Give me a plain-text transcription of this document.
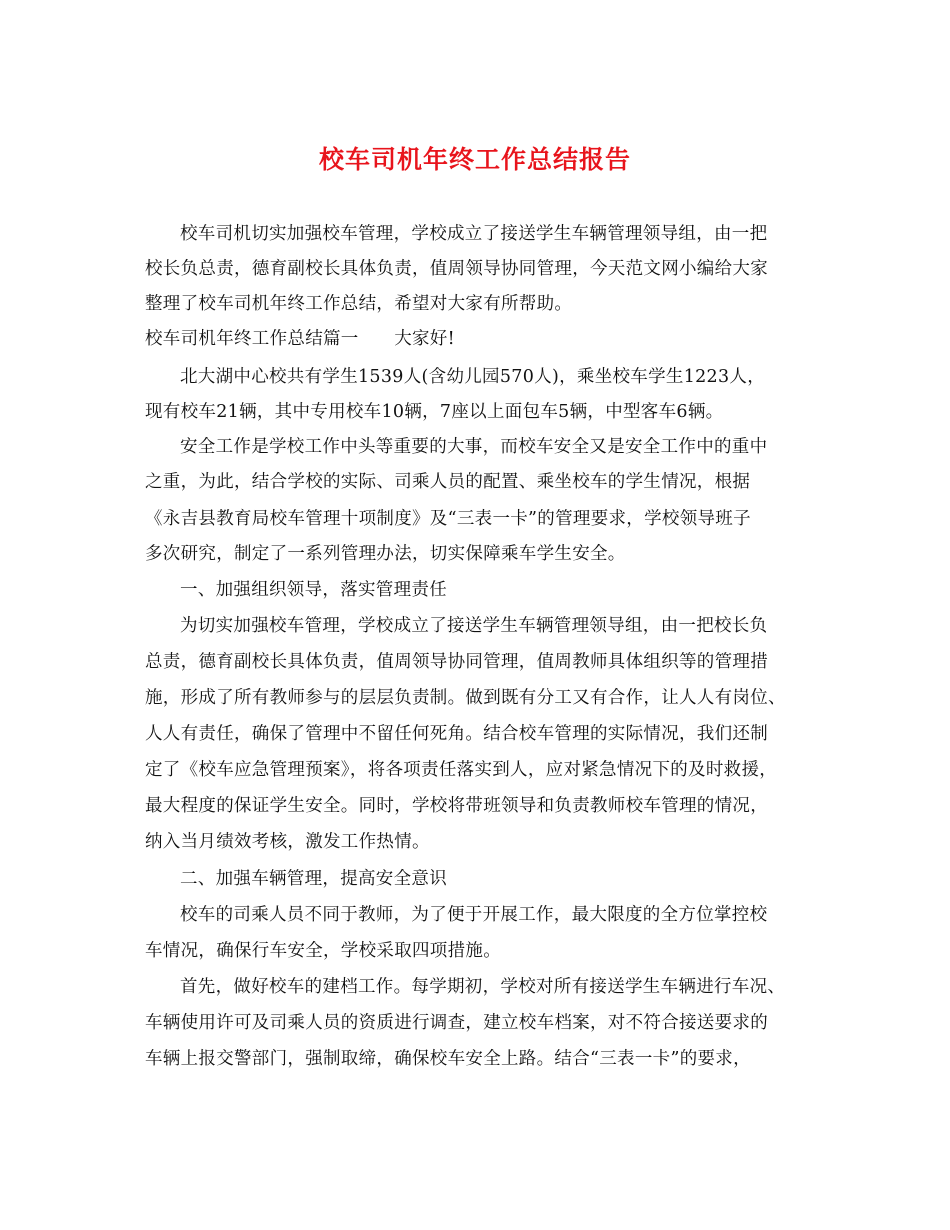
校车司机年终工作总结报告
校车司机切实加强校车管理，学校成立了接送学生车辆管理领导组，由一把
校长负总责，德育副校长具体负责，值周领导协同管理，今天范文网小编给大家
整理了校车司机年终工作总结，希望对大家有所帮助。
校车司机年终工作总结篇一　　大家好!
北大湖中心校共有学生1539人(含幼儿园570人)，乘坐校车学生1223人，
现有校车21辆，其中专用校车10辆，7座以上面包车5辆，中型客车6辆。
安全工作是学校工作中头等重要的大事，而校车安全又是安全工作中的重中
之重，为此，结合学校的实际、司乘人员的配置、乘坐校车的学生情况，根据
《永吉县教育局校车管理十项制度》及“三表一卡”的管理要求，学校领导班子
多次研究，制定了一系列管理办法，切实保障乘车学生安全。
一、加强组织领导，落实管理责任
为切实加强校车管理，学校成立了接送学生车辆管理领导组，由一把校长负
总责，德育副校长具体负责，值周领导协同管理，值周教师具体组织等的管理措
施，形成了所有教师参与的层层负责制。做到既有分工又有合作，让人人有岗位、
人人有责任，确保了管理中不留任何死角。结合校车管理的实际情况，我们还制
定了《校车应急管理预案》，将各项责任落实到人，应对紧急情况下的及时救援，
最大程度的保证学生安全。同时，学校将带班领导和负责教师校车管理的情况，
纳入当月绩效考核，激发工作热情。
二、加强车辆管理，提高安全意识
校车的司乘人员不同于教师，为了便于开展工作，最大限度的全方位掌控校
车情况，确保行车安全，学校采取四项措施。
首先，做好校车的建档工作。每学期初，学校对所有接送学生车辆进行车况、
车辆使用许可及司乘人员的资质进行调查，建立校车档案，对不符合接送要求的
车辆上报交警部门，强制取缔，确保校车安全上路。结合“三表一卡”的要求，
